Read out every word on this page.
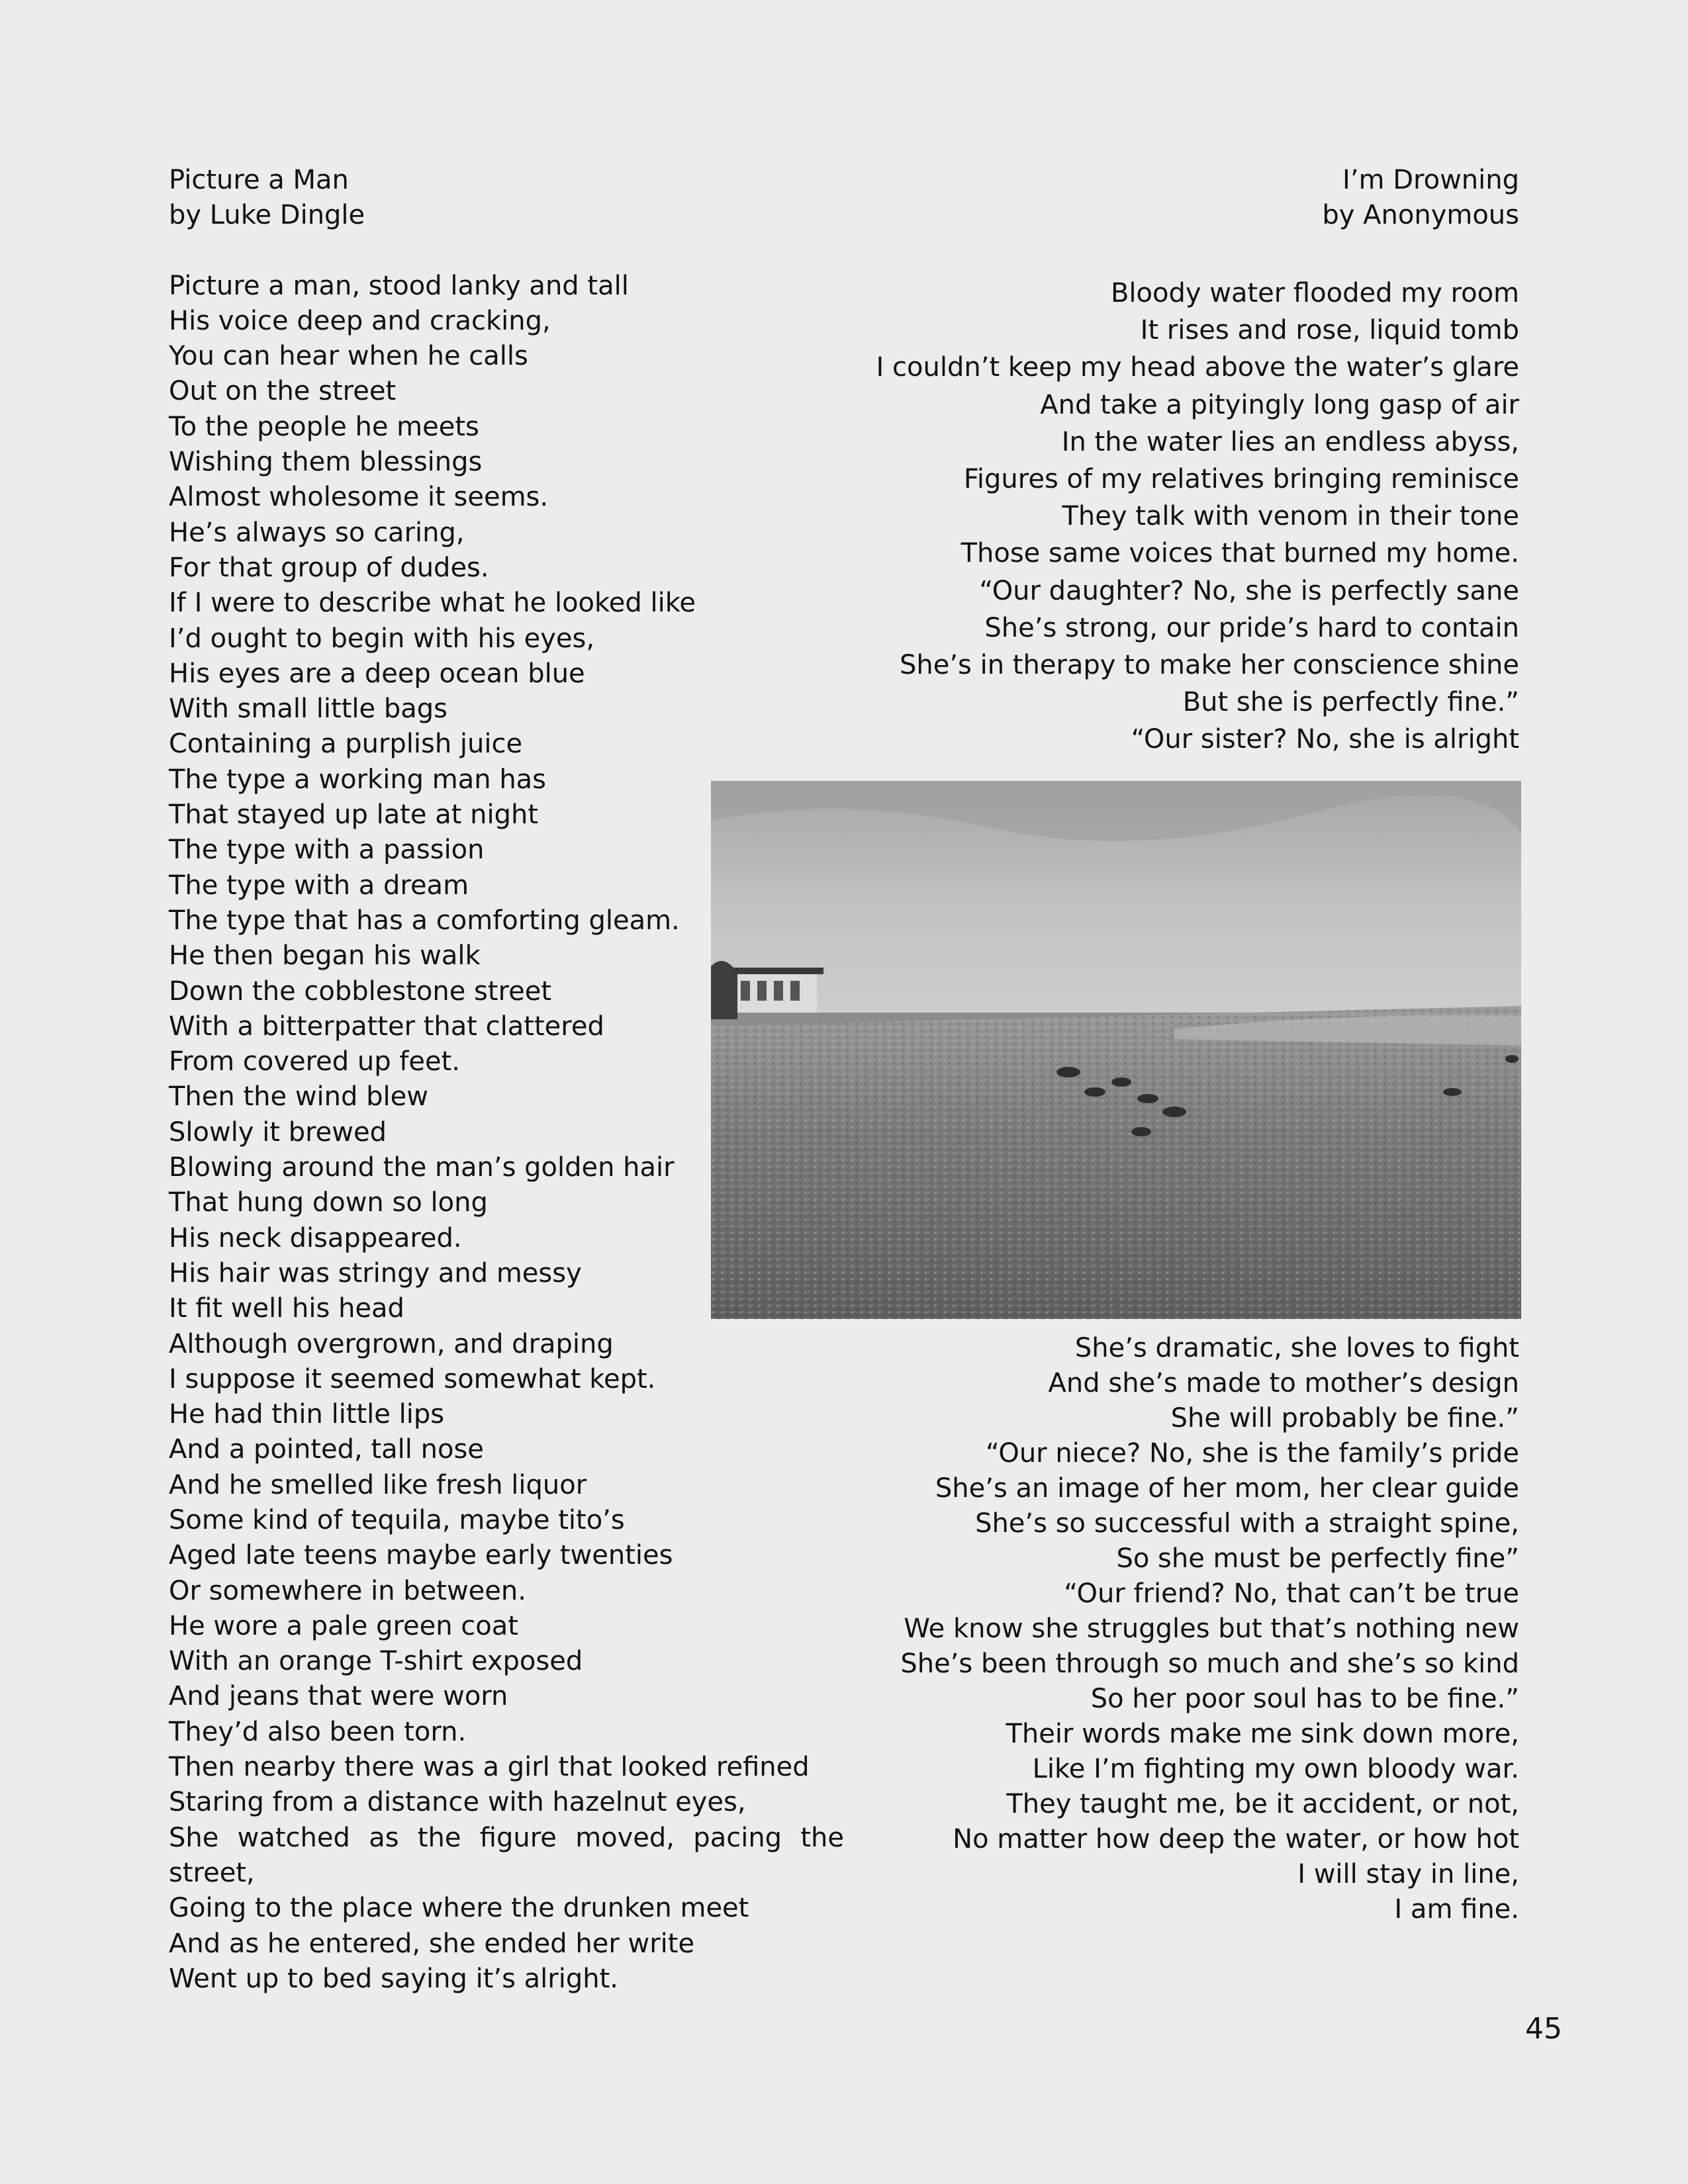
Picture a Man
by Luke Dingle
Picture a man, stood lanky and tall
His voice deep and cracking,
You can hear when he calls
Out on the street
To the people he meets
Wishing them blessings
Almost wholesome it seems.
He’s always so caring,
For that group of dudes.
If I were to describe what he looked like
I’d ought to begin with his eyes,
His eyes are a deep ocean blue
With small little bags
Containing a purplish juice
The type a working man has
That stayed up late at night
The type with a passion
The type with a dream
The type that has a comforting gleam.
He then began his walk
Down the cobblestone street
With a bitterpatter that clattered
From covered up feet.
Then the wind blew
Slowly it brewed
Blowing around the man’s golden hair
That hung down so long
His neck disappeared.
His hair was stringy and messy
It fit well his head
Although overgrown, and draping
I suppose it seemed somewhat kept.
He had thin little lips
And a pointed, tall nose
And he smelled like fresh liquor
Some kind of tequila, maybe tito’s
Aged late teens maybe early twenties
Or somewhere in between.
He wore a pale green coat
With an orange T-shirt exposed
And jeans that were worn
They’d also been torn.
Then nearby there was a girl that looked refined
Staring from a distance with hazelnut eyes,
She watched as the figure moved, pacing the street,
Going to the place where the drunken meet
And as he entered, she ended her write
Went up to bed saying it’s alright.
I’m Drowning
by Anonymous
Bloody water flooded my room
It rises and rose, liquid tomb
I couldn’t keep my head above the water’s glare
And take a pityingly long gasp of air
In the water lies an endless abyss,
Figures of my relatives bringing reminisce
They talk with venom in their tone
Those same voices that burned my home.
“Our daughter? No, she is perfectly sane
She’s strong, our pride’s hard to contain
She’s in therapy to make her conscience shine
But she is perfectly fine.”
“Our sister? No, she is alright
She’s dramatic, she loves to fight
And she’s made to mother’s design
She will probably be fine.”
“Our niece? No, she is the family’s pride
She’s an image of her mom, her clear guide
She’s so successful with a straight spine,
So she must be perfectly fine”
“Our friend? No, that can’t be true
We know she struggles but that’s nothing new
She’s been through so much and she’s so kind
So her poor soul has to be fine.”
Their words make me sink down more,
Like I’m fighting my own bloody war.
They taught me, be it accident, or not,
No matter how deep the water, or how hot
I will stay in line,
I am fine.
45
